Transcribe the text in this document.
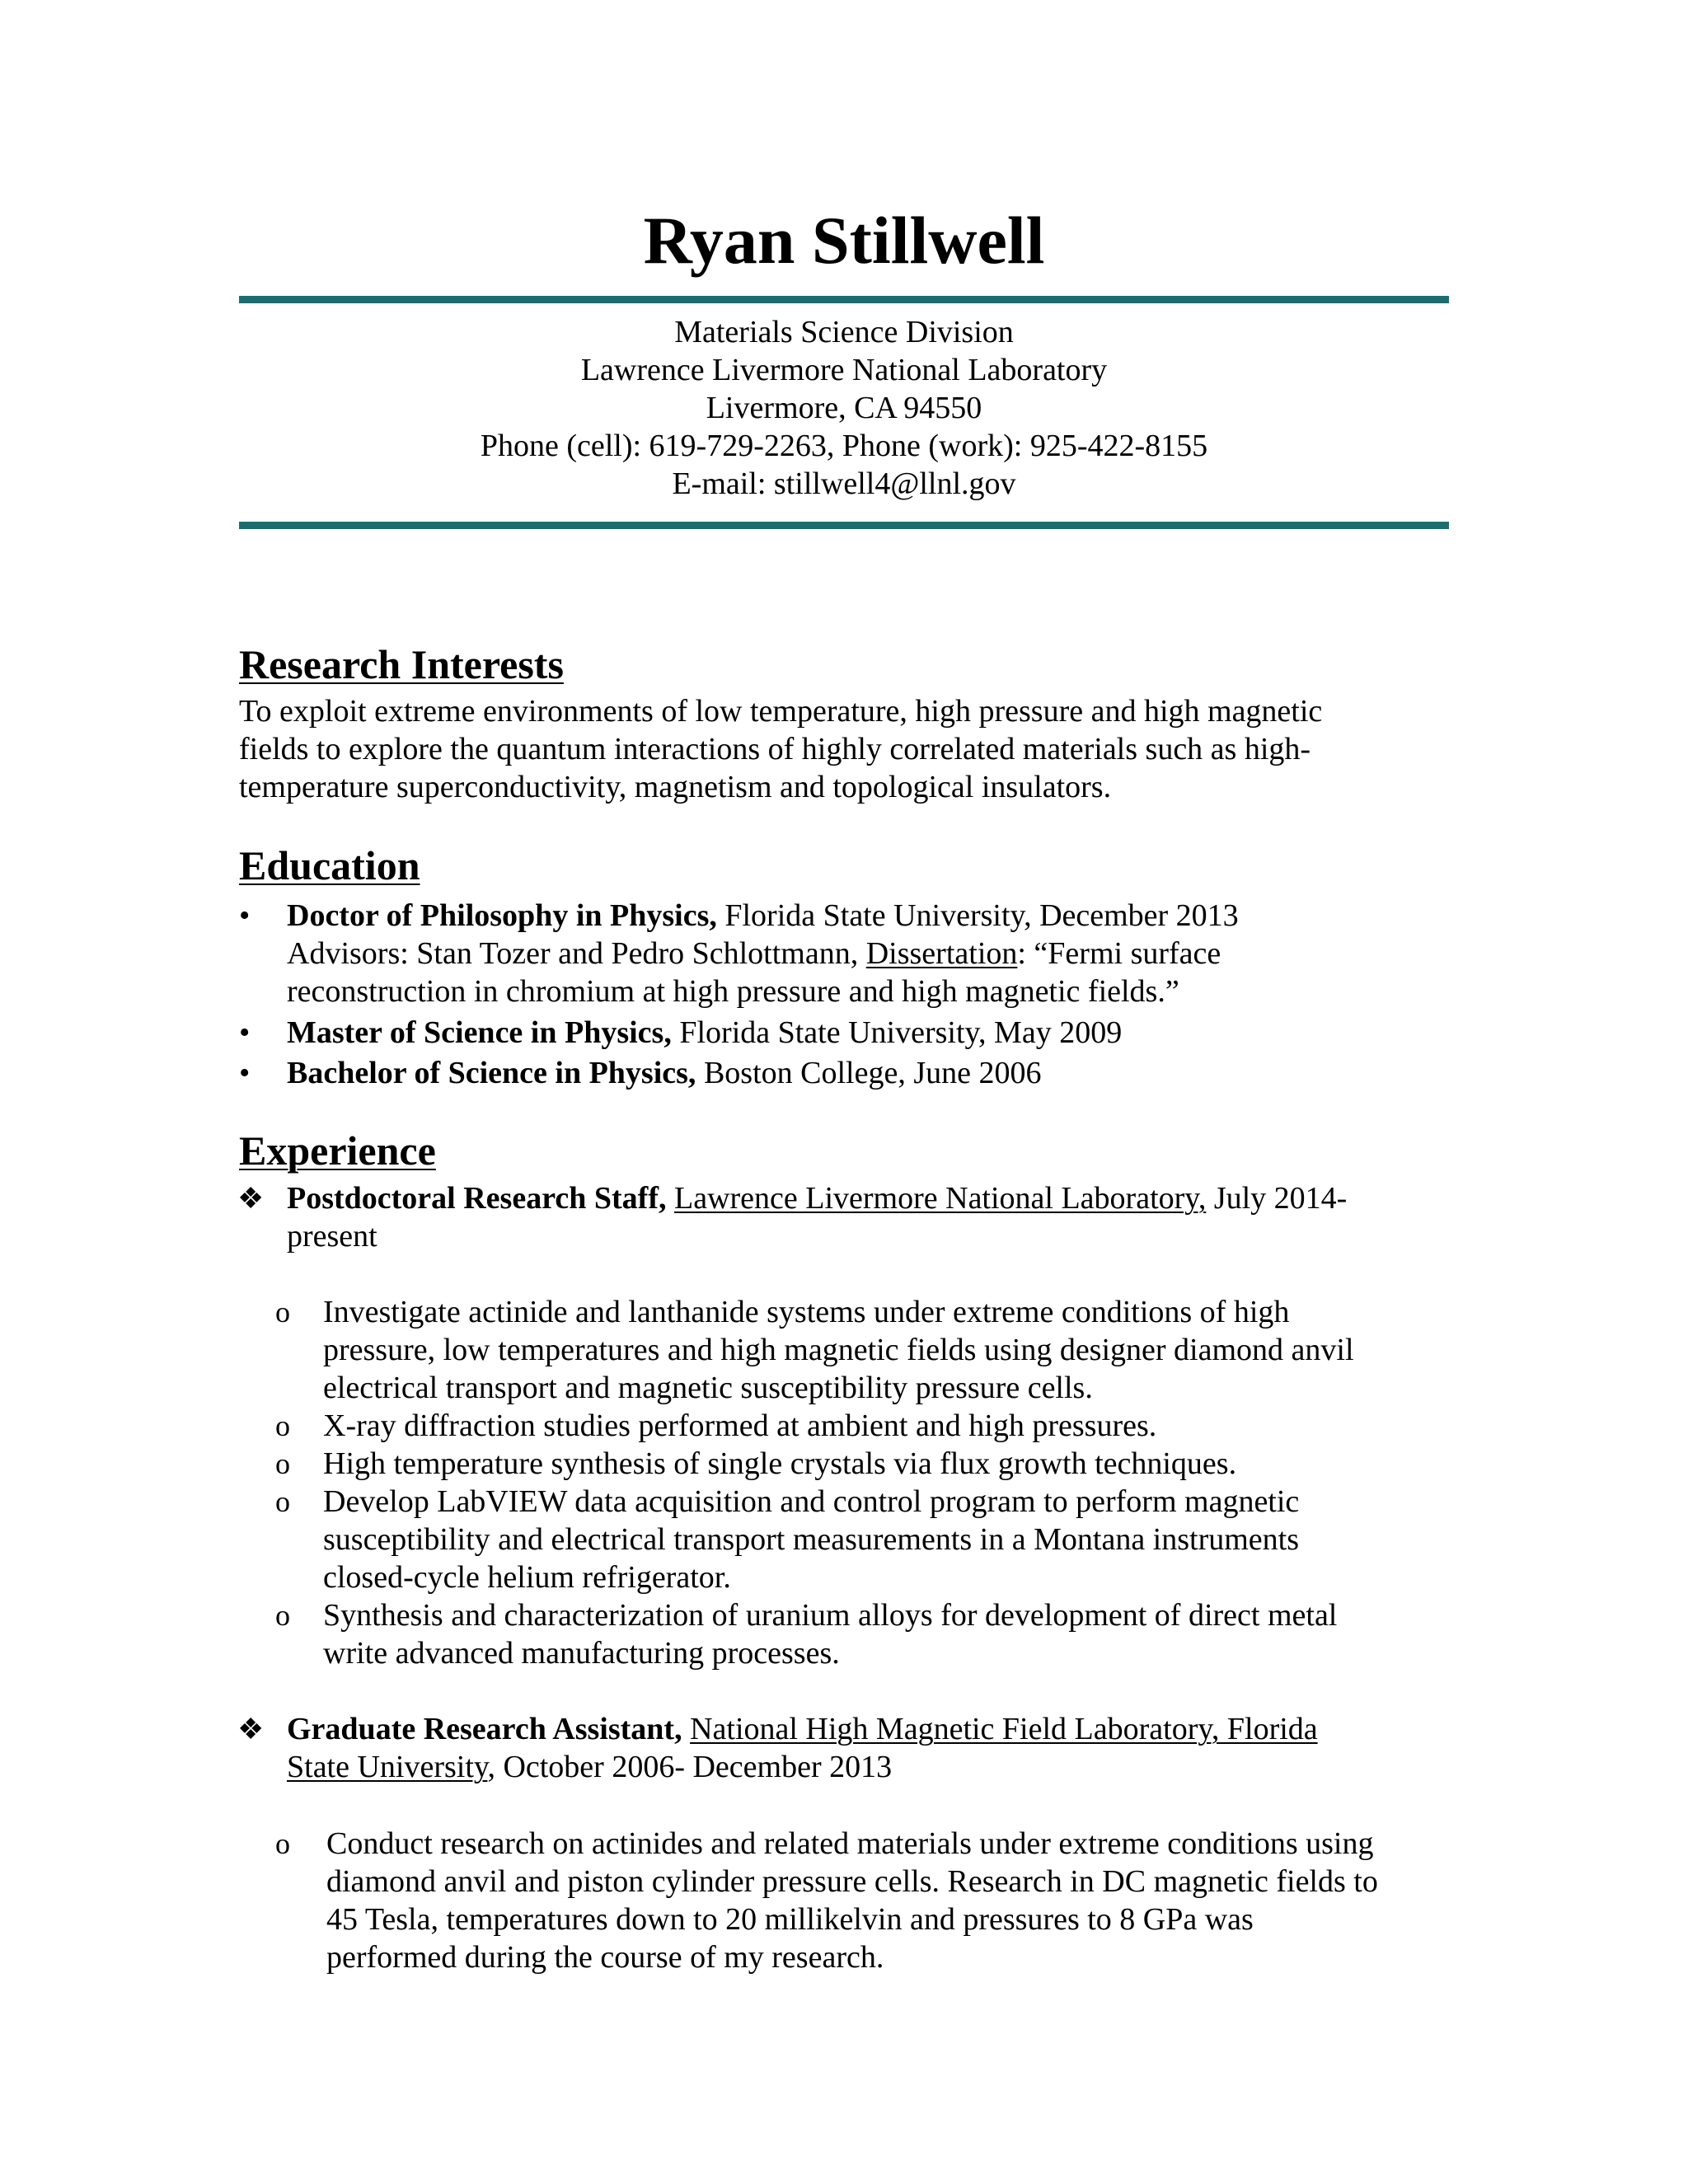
Ryan Stillwell
Materials Science Division
Lawrence Livermore National Laboratory
Livermore, CA 94550
Phone (cell): 619-729-2263, Phone (work): 925-422-8155
E-mail: stillwell4@llnl.gov
Research Interests
To exploit extreme environments of low temperature, high pressure and high magnetic
fields to explore the quantum interactions of highly correlated materials such as high-
temperature superconductivity, magnetism and topological insulators.
Education
• Doctor of Philosophy in Physics, Florida State University, December 2013
Advisors: Stan Tozer and Pedro Schlottmann, Dissertation: “Fermi surface
reconstruction in chromium at high pressure and high magnetic fields.”
• Master of Science in Physics, Florida State University, May 2009
• Bachelor of Science in Physics, Boston College, June 2006
Experience
❖ Postdoctoral Research Staff, Lawrence Livermore National Laboratory, July 2014-
present
o Investigate actinide and lanthanide systems under extreme conditions of high
pressure, low temperatures and high magnetic fields using designer diamond anvil
electrical transport and magnetic susceptibility pressure cells.
o X-ray diffraction studies performed at ambient and high pressures.
o High temperature synthesis of single crystals via flux growth techniques.
o Develop LabVIEW data acquisition and control program to perform magnetic
susceptibility and electrical transport measurements in a Montana instruments
closed-cycle helium refrigerator.
o Synthesis and characterization of uranium alloys for development of direct metal
write advanced manufacturing processes.
❖ Graduate Research Assistant, National High Magnetic Field Laboratory, Florida
State University, October 2006- December 2013
o Conduct research on actinides and related materials under extreme conditions using
diamond anvil and piston cylinder pressure cells. Research in DC magnetic fields to
45 Tesla, temperatures down to 20 millikelvin and pressures to 8 GPa was
performed during the course of my research.
